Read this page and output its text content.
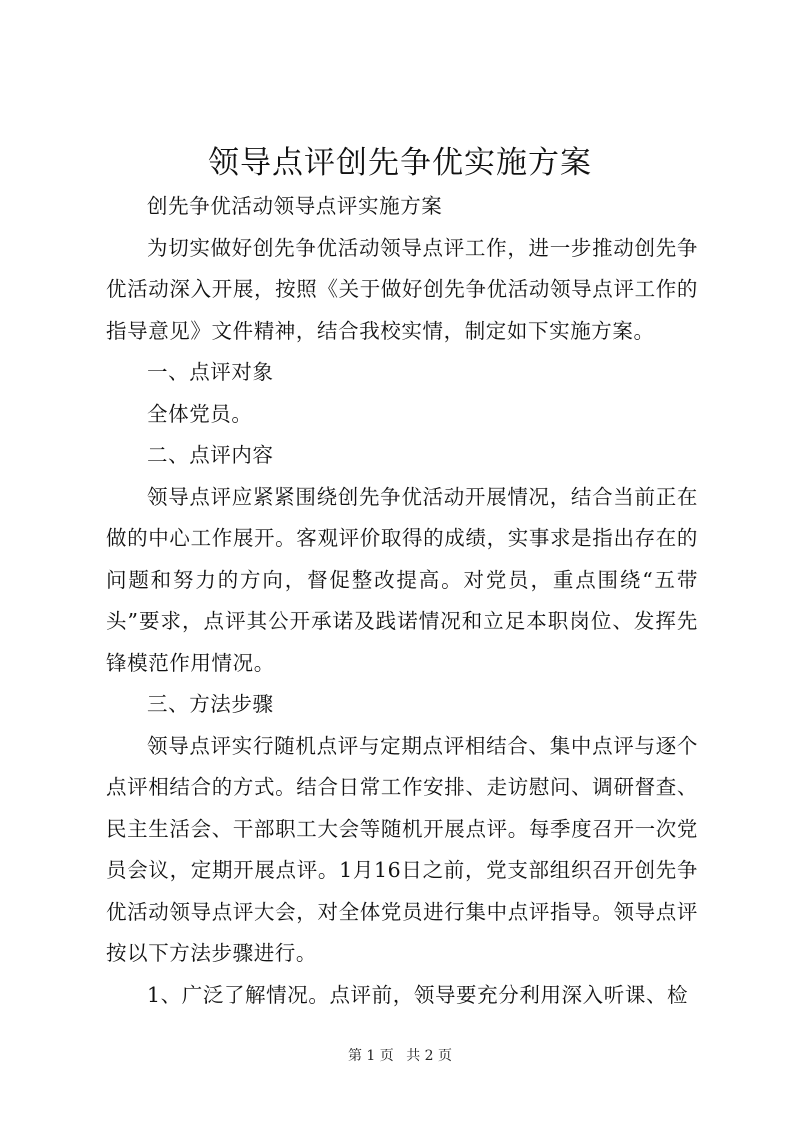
领导点评创先争优实施方案

创先争优活动领导点评实施方案

为切实做好创先争优活动领导点评工作，进一步推动创先争优活动深入开展，按照《关于做好创先争优活动领导点评工作的指导意见》文件精神，结合我校实情，制定如下实施方案。

一、点评对象

全体党员。

二、点评内容

领导点评应紧紧围绕创先争优活动开展情况，结合当前正在做的中心工作展开。客观评价取得的成绩，实事求是指出存在的问题和努力的方向，督促整改提高。对党员，重点围绕“五带头”要求，点评其公开承诺及践诺情况和立足本职岗位、发挥先锋模范作用情况。

三、方法步骤

领导点评实行随机点评与定期点评相结合、集中点评与逐个点评相结合的方式。结合日常工作安排、走访慰问、调研督查、民主生活会、干部职工大会等随机开展点评。每季度召开一次党员会议，定期开展点评。1月16日之前，党支部组织召开创先争优活动领导点评大会，对全体党员进行集中点评指导。领导点评按以下方法步骤进行。

1、广泛了解情况。点评前，领导要充分利用深入听课、检

第 1 页 共 2 页
